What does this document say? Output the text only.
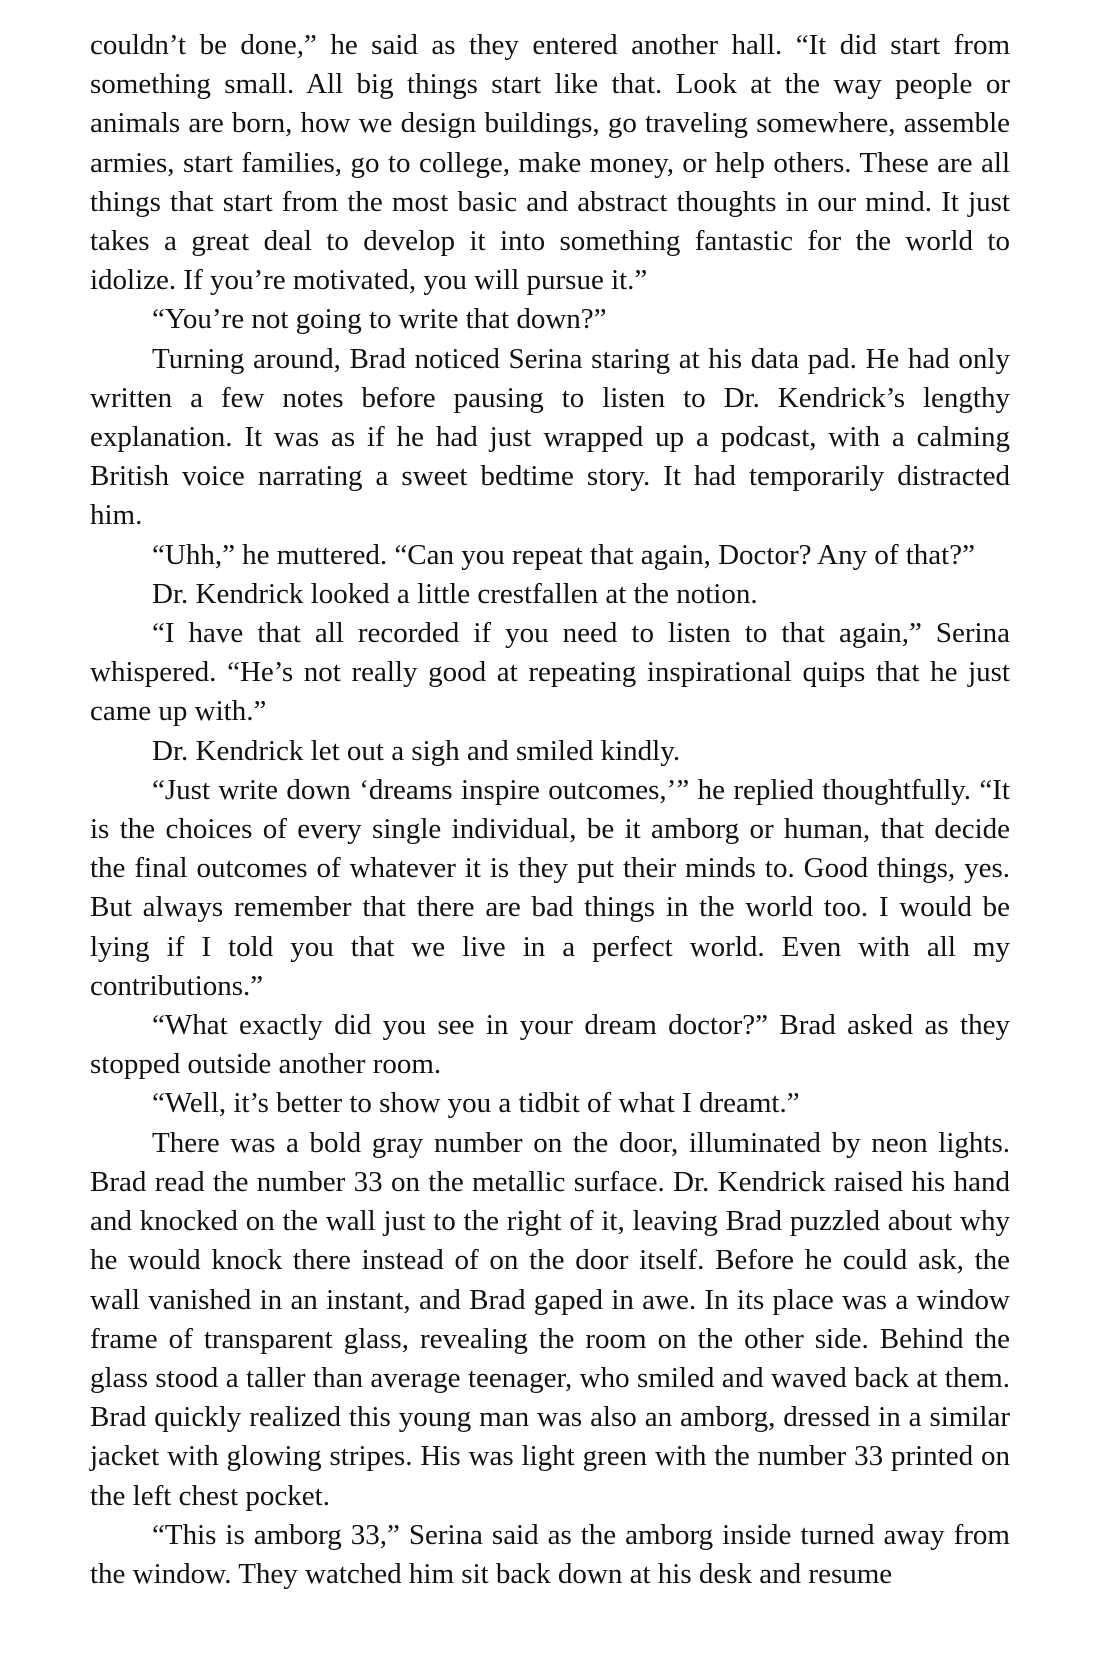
couldn’t be done,” he said as they entered another hall. “It did start from something small. All big things start like that. Look at the way people or animals are born, how we design buildings, go traveling somewhere, assemble armies, start families, go to college, make money, or help others. These are all things that start from the most basic and abstract thoughts in our mind. It just takes a great deal to develop it into something fantastic for the world to idolize. If you’re motivated, you will pursue it.”

“You’re not going to write that down?”

Turning around, Brad noticed Serina staring at his data pad. He had only written a few notes before pausing to listen to Dr. Kendrick’s lengthy explanation. It was as if he had just wrapped up a podcast, with a calming British voice narrating a sweet bedtime story. It had temporarily distracted him.

“Uhh,” he muttered. “Can you repeat that again, Doctor? Any of that?”

Dr. Kendrick looked a little crestfallen at the notion.

“I have that all recorded if you need to listen to that again,” Serina whispered. “He’s not really good at repeating inspirational quips that he just came up with.”

Dr. Kendrick let out a sigh and smiled kindly.

“Just write down ‘dreams inspire outcomes,’” he replied thoughtfully. “It is the choices of every single individual, be it amborg or human, that decide the final outcomes of whatever it is they put their minds to. Good things, yes. But always remember that there are bad things in the world too. I would be lying if I told you that we live in a perfect world. Even with all my contributions.”

“What exactly did you see in your dream doctor?” Brad asked as they stopped outside another room.

“Well, it’s better to show you a tidbit of what I dreamt.”

There was a bold gray number on the door, illuminated by neon lights. Brad read the number 33 on the metallic surface. Dr. Kendrick raised his hand and knocked on the wall just to the right of it, leaving Brad puzzled about why he would knock there instead of on the door itself. Before he could ask, the wall vanished in an instant, and Brad gaped in awe. In its place was a window frame of transparent glass, revealing the room on the other side. Behind the glass stood a taller than average teenager, who smiled and waved back at them. Brad quickly realized this young man was also an amborg, dressed in a similar jacket with glowing stripes. His was light green with the number 33 printed on the left chest pocket.

“This is amborg 33,” Serina said as the amborg inside turned away from the window. They watched him sit back down at his desk and resume
